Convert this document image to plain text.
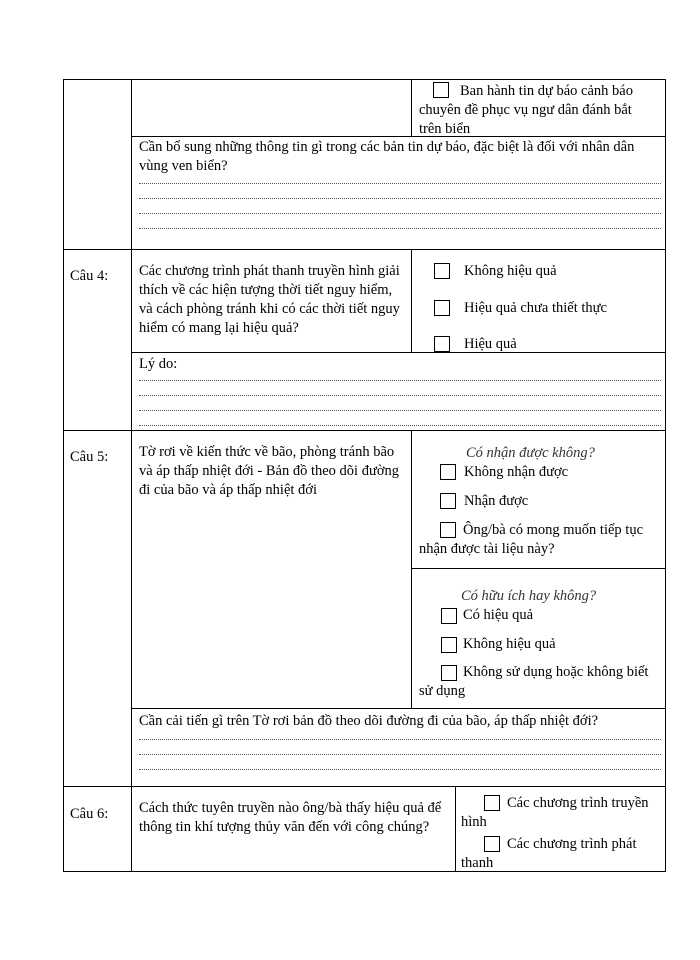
Ban hành tin dự báo cảnh báo chuyên đề phục vụ ngư dân đánh bắt trên biển
Cần bổ sung những thông tin gì trong các bản tin dự báo, đặc biệt là đối với nhân dân vùng ven biển?
Câu 4: Các chương trình phát thanh truyền hình giải thích về các hiện tượng thời tiết nguy hiểm, và cách phòng tránh khi có các thời tiết nguy hiểm có mang lại hiệu quả?
Không hiệu quả
Hiệu quả chưa thiết thực
Hiệu quả
Lý do:
Câu 5: Tờ rơi về kiến thức về bão, phòng tránh bão và áp thấp nhiệt đới - Bản đồ theo dõi đường đi của bão và áp thấp nhiệt đới
Có nhận được không?
Không nhận được
Nhận được
Ông/bà có mong muốn tiếp tục nhận được tài liệu này?
Có hữu ích hay không?
Có hiệu quả
Không hiệu quả
Không sử dụng hoặc không biết sử dụng
Cần cải tiến gì trên Tờ rơi bản đồ theo dõi đường đi của bão, áp thấp nhiệt đới?
Câu 6: Cách thức tuyên truyền nào ông/bà thấy hiệu quả để thông tin khí tượng thủy văn đến với công chúng?
Các chương trình truyền hình
Các chương trình phát thanh
